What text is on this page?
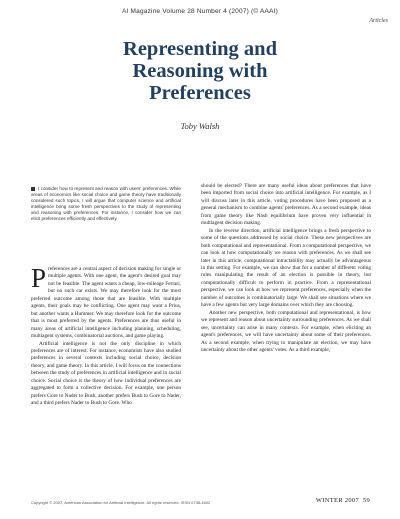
AI Magazine Volume 28 Number 4 (2007) (© AAAI)
Articles
Representing and
Reasoning with
Preferences
Toby Walsh
I consider how to represent and reason with users' preferences. While areas of economics like social choice and game theory have traditionally considered such topics, I will argue that computer science and artificial intelligence bring some fresh perspectives to the study of representing and reasoning with preferences. For instance, I consider how we can elicit preferences efficiently and effectively.

Preferences are a central aspect of decision making for single or multiple agents. With one agent, the agent's desired goal may not be feasible. The agent wants a cheap, low-mileage Ferrari, but no such car exists. We may therefore look for the most preferred outcome among those that are feasible. With multiple agents, their goals may be conflicting. One agent may want a Prius, but another wants a Hummer. We may therefore look for the outcome that is most preferred by the agents. Preferences are thus useful in many areas of artificial intelligence including planning, scheduling, multiagent systems, combinatorial auctions, and game playing.

Artificial intelligence is not the only discipline in which preferences are of interest. For instance, economists have also studied preferences in several contexts including social choice, decision theory, and game theory. In this article, I will focus on the connections between the study of preferences in artificial intelligence and in social choice. Social choice is the theory of how individual preferences are aggregated to form a collective decision. For example, one person prefers Gore to Nader to Bush, another prefers Bush to Gore to Nader, and a third prefers Nader to Bush to Gore. Who

should be elected? There are many useful ideas about preferences that have been imported from social choice into artificial intelligence. For example, as I will discuss later in this article, voting procedures have been proposed as a general mechanism to combine agents' preferences. As a second example, ideas from game theory like Nash equilibrium have proven very influential in multiagent decision making.

In the reverse direction, artificial intelligence brings a fresh perspective to some of the questions addressed by social choice. These new perspectives are both computational and representational. From a computational perspective, we can look at how computationally we reason with preferences. As we shall see later in this article, computational intractability may actually be advantageous in this setting. For example, we can show that for a number of different voting rules manipulating the result of an election is possible in theory, but computationally difficult to perform in practice. From a representational perspective, we can look at how we represent preferences, especially when the number of outcomes is combinatorially large. We shall see situations where we have a few agents but very large domains over which they are choosing.

Another new perspective, both computational and representational, is how we represent and reason about uncertainty surrounding preferences. As we shall see, uncertainty can arise in many contexts. For example, when eliciting an agent's preferences, we will have uncertainty about some of their preferences. As a second example, when trying to manipulate an election, we may have uncertainty about the other agents' votes. As a third example,

Copyright © 2007, American Association for Artificial Intelligence. All rights reserved. ISSN 0738-4602	WINTER 2007 59
